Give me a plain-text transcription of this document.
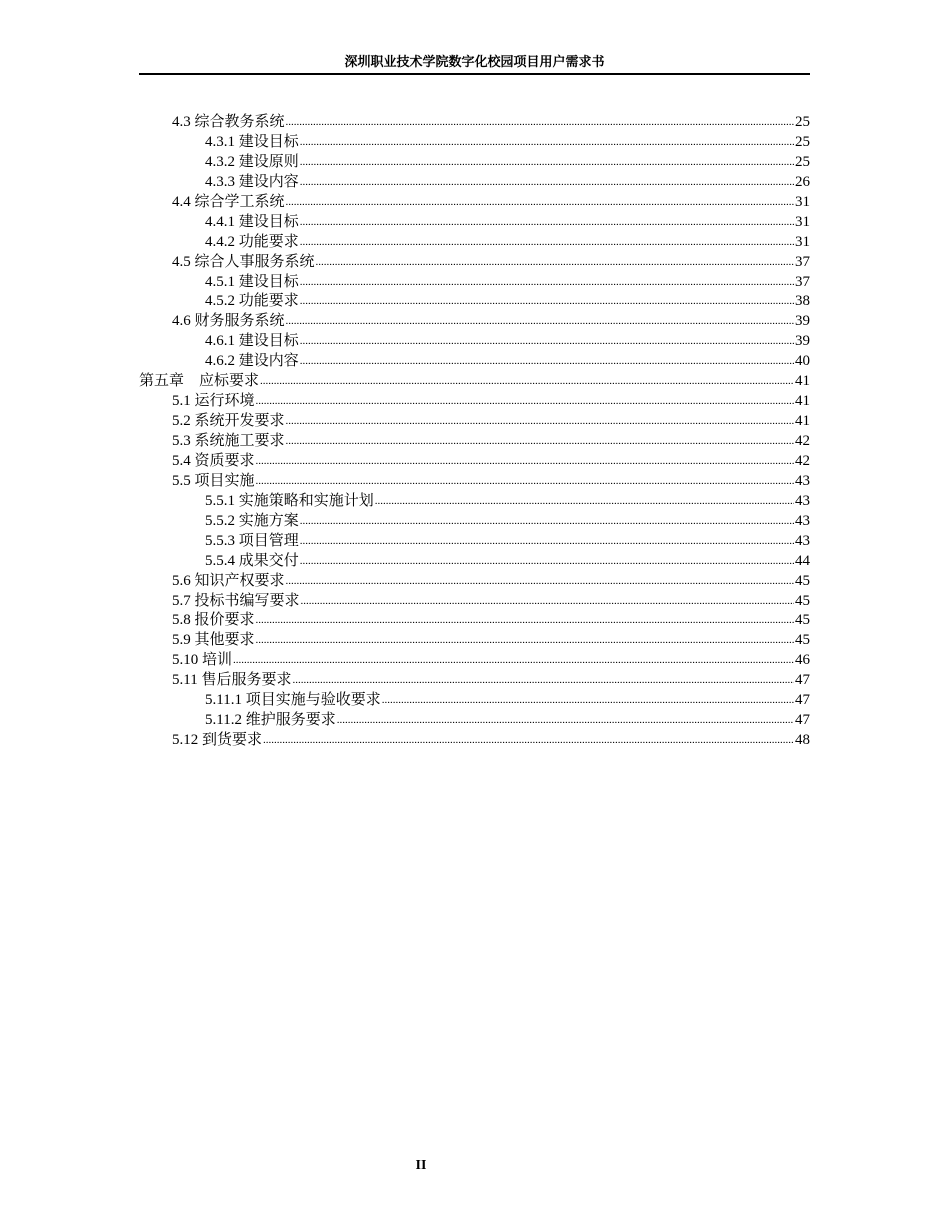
深圳职业技术学院数字化校园项目用户需求书
4.3 综合教务系统 .....	25
4.3.1 建设目标 .....	25
4.3.2 建设原则 .....	25
4.3.3 建设内容 .....	26
4.4 综合学工系统 .....	31
4.4.1 建设目标 .....	31
4.4.2 功能要求 .....	31
4.5 综合人事服务系统 .....	37
4.5.1 建设目标 .....	37
4.5.2 功能要求 .....	38
4.6 财务服务系统 .....	39
4.6.1 建设目标 .....	39
4.6.2 建设内容 .....	40
第五章　应标要求 .....	41
5.1 运行环境 .....	41
5.2 系统开发要求 .....	41
5.3 系统施工要求 .....	42
5.4 资质要求 .....	42
5.5 项目实施 .....	43
5.5.1 实施策略和实施计划 .....	43
5.5.2 实施方案 .....	43
5.5.3 项目管理 .....	43
5.5.4 成果交付 .....	44
5.6 知识产权要求 .....	45
5.7 投标书编写要求 .....	45
5.8 报价要求 .....	45
5.9 其他要求 .....	45
5.10 培训 .....	46
5.11 售后服务要求 .....	47
5.11.1 项目实施与验收要求 .....	47
5.11.2 维护服务要求 .....	47
5.12 到货要求 .....	48
II
